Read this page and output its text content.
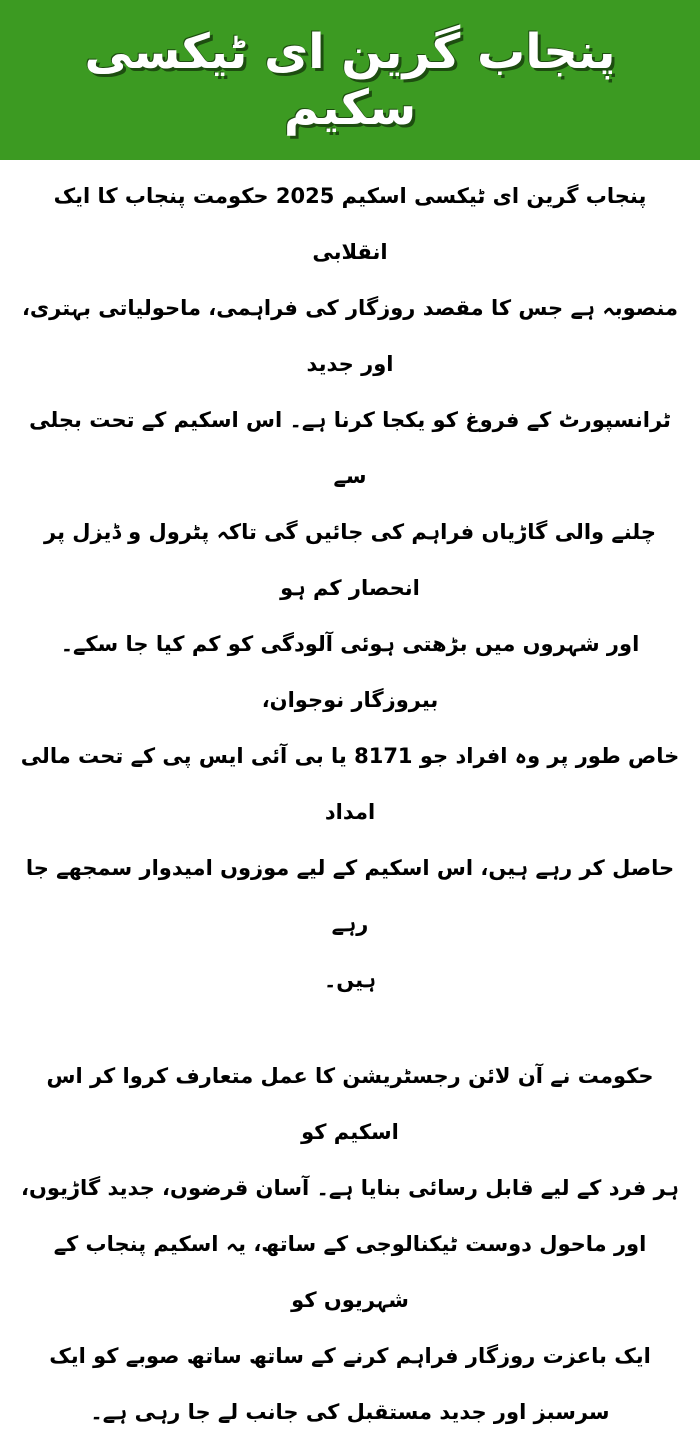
پنجاب گرین ای ٹیکسی سکیم
پنجاب گرین ای ٹیکسی اسکیم 2025 حکومت پنجاب کا ایک انقلابی
منصوبہ ہے جس کا مقصد روزگار کی فراہمی، ماحولیاتی بہتری، اور جدید
ٹرانسپورٹ کے فروغ کو یکجا کرنا ہے۔ اس اسکیم کے تحت بجلی سے
چلنے والی گاڑیاں فراہم کی جائیں گی تاکہ پٹرول و ڈیزل پر انحصار کم ہو
اور شہروں میں بڑھتی ہوئی آلودگی کو کم کیا جا سکے۔ بیروزگار نوجوان،
خاص طور پر وہ افراد جو 8171 یا بی آئی ایس پی کے تحت مالی امداد
حاصل کر رہے ہیں، اس اسکیم کے لیے موزوں امیدوار سمجھے جا رہے
ہیں۔
حکومت نے آن لائن رجسٹریشن کا عمل متعارف کروا کر اس اسکیم کو
ہر فرد کے لیے قابل رسائی بنایا ہے۔ آسان قرضوں، جدید گاڑیوں،
اور ماحول دوست ٹیکنالوجی کے ساتھ، یہ اسکیم پنجاب کے شہریوں کو
ایک باعزت روزگار فراہم کرنے کے ساتھ ساتھ صوبے کو ایک
سرسبز اور جدید مستقبل کی جانب لے جا رہی ہے۔
